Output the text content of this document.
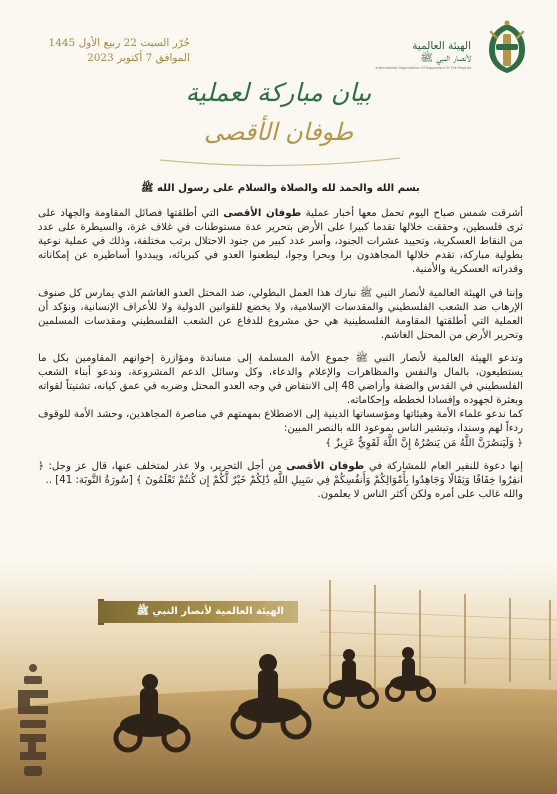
حُرّر السبت 22 ربيع الأول 1445
الموافق 7 أكتوبر 2023
الهيئة العالمية
لأنصار النبي ﷺ
International Organization Of Supporters Of The Prophet
بيان مباركة لعملية
طوفان الأقصى

بسم الله والحمد لله والصلاة والسلام على رسول الله ﷺ

أشرقت شمس صباح اليوم تحمل معها أخبار عملية طوفان الأقصى التي أطلقتها فصائل المقاومة والجهاد على ثرى فلسطين، وحققت خلالها تقدما كبيرا على الأرض بتحرير عدة مستوطنات في غلاف غزة، والسيطرة على عدد من النقاط العسكرية، وتحييد عشرات الجنود، وأسر عدد كبير من جنود الاحتلال برتب مختلفة، وذلك في عملية نوعية بطولية مباركة، تقدم خلالها المجاهدون برا وبحرا وجوا، ليطعنوا العدو في كبريائه، ويبددوا أساطيره عن إمكاناته وقدراته العسكرية والأمنية.

وإننا في الهيئة العالمية لأنصار النبي ﷺ نبارك هذا العمل البطولي، ضد المحتل العدو الغاشم الذي يمارس كل صنوف الإرهاب ضد الشعب الفلسطيني والمقدسات الإسلامية، ولا يخضع للقوانين الدولية ولا للأعراف الإنسانية، ونؤكد أن العملية التي أطلقتها المقاومة الفلسطينية هي حق مشروع للدفاع عن الشعب الفلسطيني ومقدسات المسلمين وتحرير الأرض من المحتل الغاشم.

وتدعو الهيئة العالمية لأنصار النبي ﷺ جموع الأمة المسلمة إلى مساندة ومؤازرة إخوانهم المقاومين بكل ما يستطيعون، بالمال والنفس والمظاهرات والإعلام والدعاء، وكل وسائل الدعم المشروعة، وندعو أبناء الشعب الفلسطيني في القدس والضفة وأراضي 48 إلى الانتفاض في وجه العدو المحتل وضربه في عمق كيانه، تشتيتاً لقواته وبعثرة لجهوده وإفسادا لخططه وإحكاماته.

كما ندعو علماء الأمة وهيئاتها ومؤسساتها الدينية إلى الاضطلاع بمهمتهم في مناصرة المجاهدين، وحشد الأمة للوقوف ردءاً لهم وسندا، وتبشير الناس بموعود الله بالنصر المبين:
﴿ وَلَيَنصُرَنَّ اللَّهُ مَن يَنصُرُهُ إِنَّ اللَّهَ لَقَوِيٌّ عَزِيزٌ ﴾

إنها دعوة للنفير العام للمشاركة في طوفان الأقصى من أجل التحرير، ولا عذر لمتخلف عنها، قال عز وجل: ﴿ انفِرُوا خِفَافًا وَثِقَالًا وَجَاهِدُوا بِأَمْوَالِكُمْ وَأَنفُسِكُمْ فِي سَبِيلِ اللَّهِ ذَٰلِكُمْ خَيْرٌ لَّكُمْ إِن كُنتُمْ تَعْلَمُونَ ﴾ [سُورَةُ التَّوبَة: 41] ..

والله غالب على أمره ولكن أكثر الناس لا يعلمون.

الهيئة العالمية لأنصار النبي ﷺ
